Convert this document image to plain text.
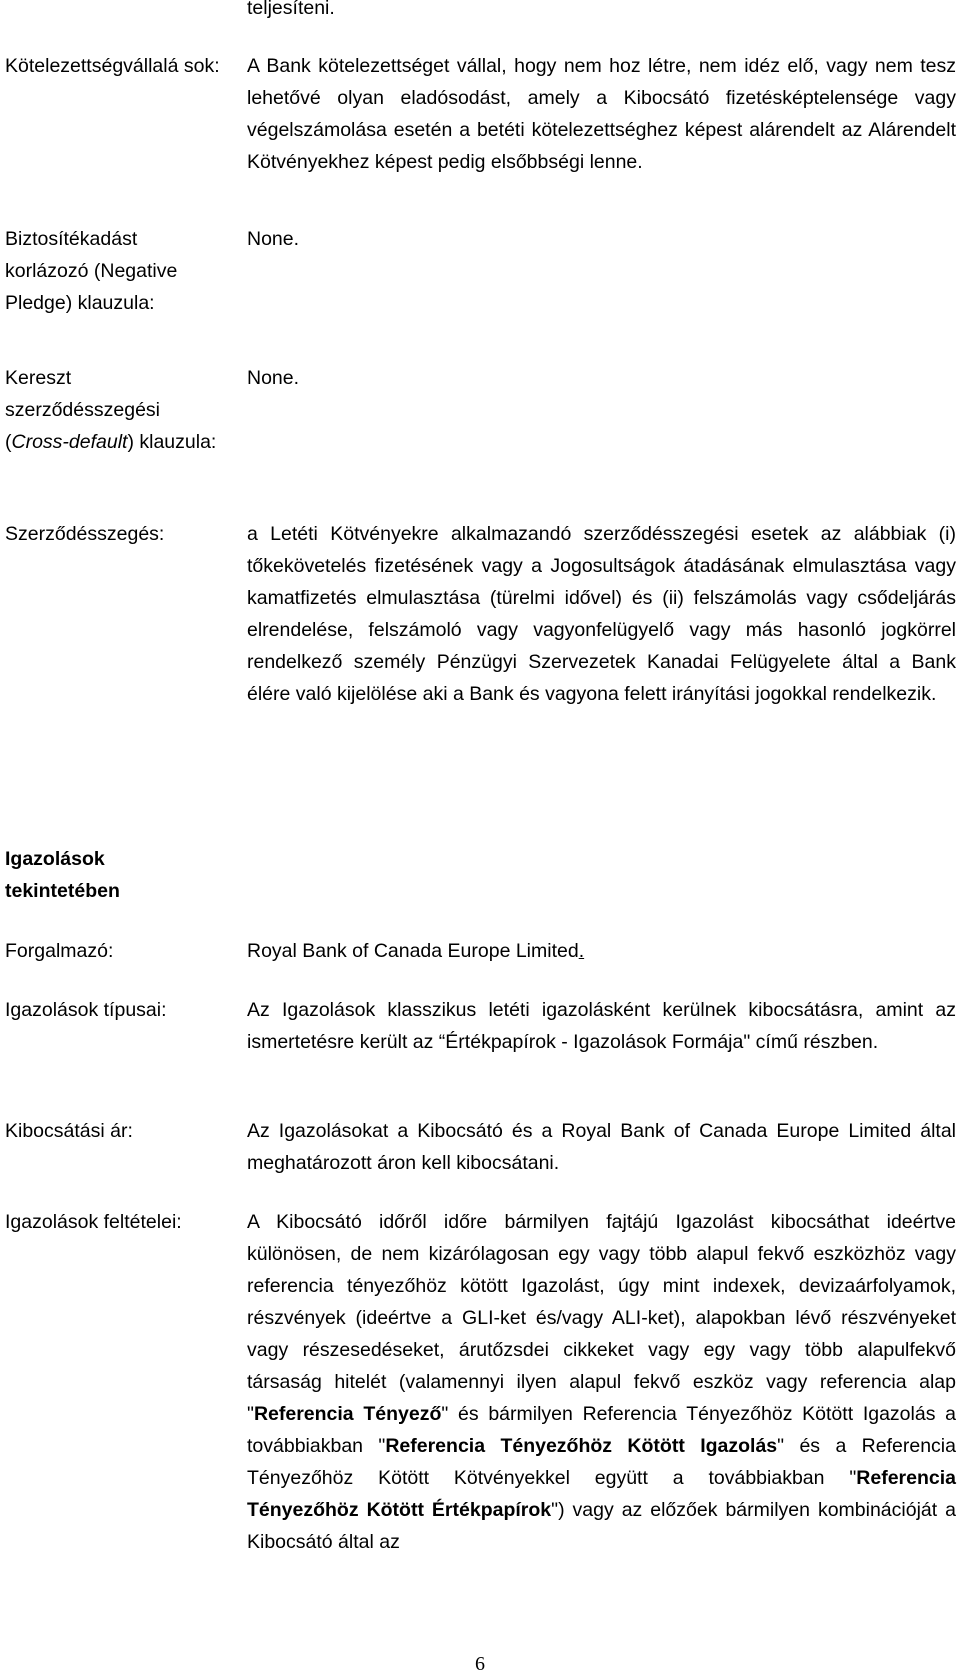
teljesíteni.
Kötelezettségvállalá sok: A Bank kötelezettséget vállal, hogy nem hoz létre, nem idéz elő, vagy nem tesz lehetővé olyan eladósodást, amely a Kibocsátó fizetésképtelensége vagy végelszámolása esetén a betéti kötelezettséghez képest alárendelt az Alárendelt Kötvényekhez képest pedig elsőbbségi lenne.
Biztosítékadást korlázozó (Negative Pledge) klauzula:
None.
Kereszt szerződésszegési (Cross-default) klauzula:
None.
Szerződésszegés:	a Letéti Kötvényekre alkalmazandó szerződésszegési esetek az alábbiak (i) tőkekövetelés fizetésének vagy a Jogosultságok átadásának elmulasztása vagy kamatfizetés elmulasztása (türelmi idővel) és (ii) felszámolás vagy csődeljárás elrendelése, felszámoló vagy vagyonfelügyelő vagy más hasonló jogkörrel rendelkező személy Pénzügyi Szervezetek Kanadai Felügyelete által a Bank élére való kijelölése aki a Bank és vagyona felett irányítási jogokkal rendelkezik.
Igazolások tekintetében
Forgalmazó:	Royal Bank of Canada Europe Limited.
Igazolások típusai:	Az Igazolások klasszikus letéti igazolásként kerülnek kibocsátásra, amint az ismertetésre került az “Értékpapírok - Igazolások Formája" című részben.
Kibocsátási ár:	Az Igazolásokat a Kibocsátó és a Royal Bank of Canada Europe Limited által meghatározott áron kell kibocsátani.
Igazolások feltételei:	A Kibocsátó időről időre bármilyen fajtájú Igazolást kibocsáthat ideértve különösen, de nem kizárólagosan egy vagy több alapul fekvő eszközhöz vagy referencia tényezőhöz kötött Igazolást, úgy mint indexek, devizaárfolyamok, részvények (ideértve a GLI-ket és/vagy ALI-ket), alapokban lévő részvényeket vagy részesedéseket, árutőzsdei cikkeket vagy egy vagy több alapulfekvő társaság hitelét (valamennyi ilyen alapul fekvő eszköz vagy referencia alap "Referencia Tényező" és bármilyen Referencia Tényezőhöz Kötött Igazolás a továbbiakban "Referencia Tényezőhöz Kötött Igazolás" és a Referencia Tényezőhöz Kötött Kötvényekkel együtt a továbbiakban "Referencia Tényezőhöz Kötött Értékpapírok") vagy az előzőek bármilyen kombinációját a Kibocsátó által az
6
